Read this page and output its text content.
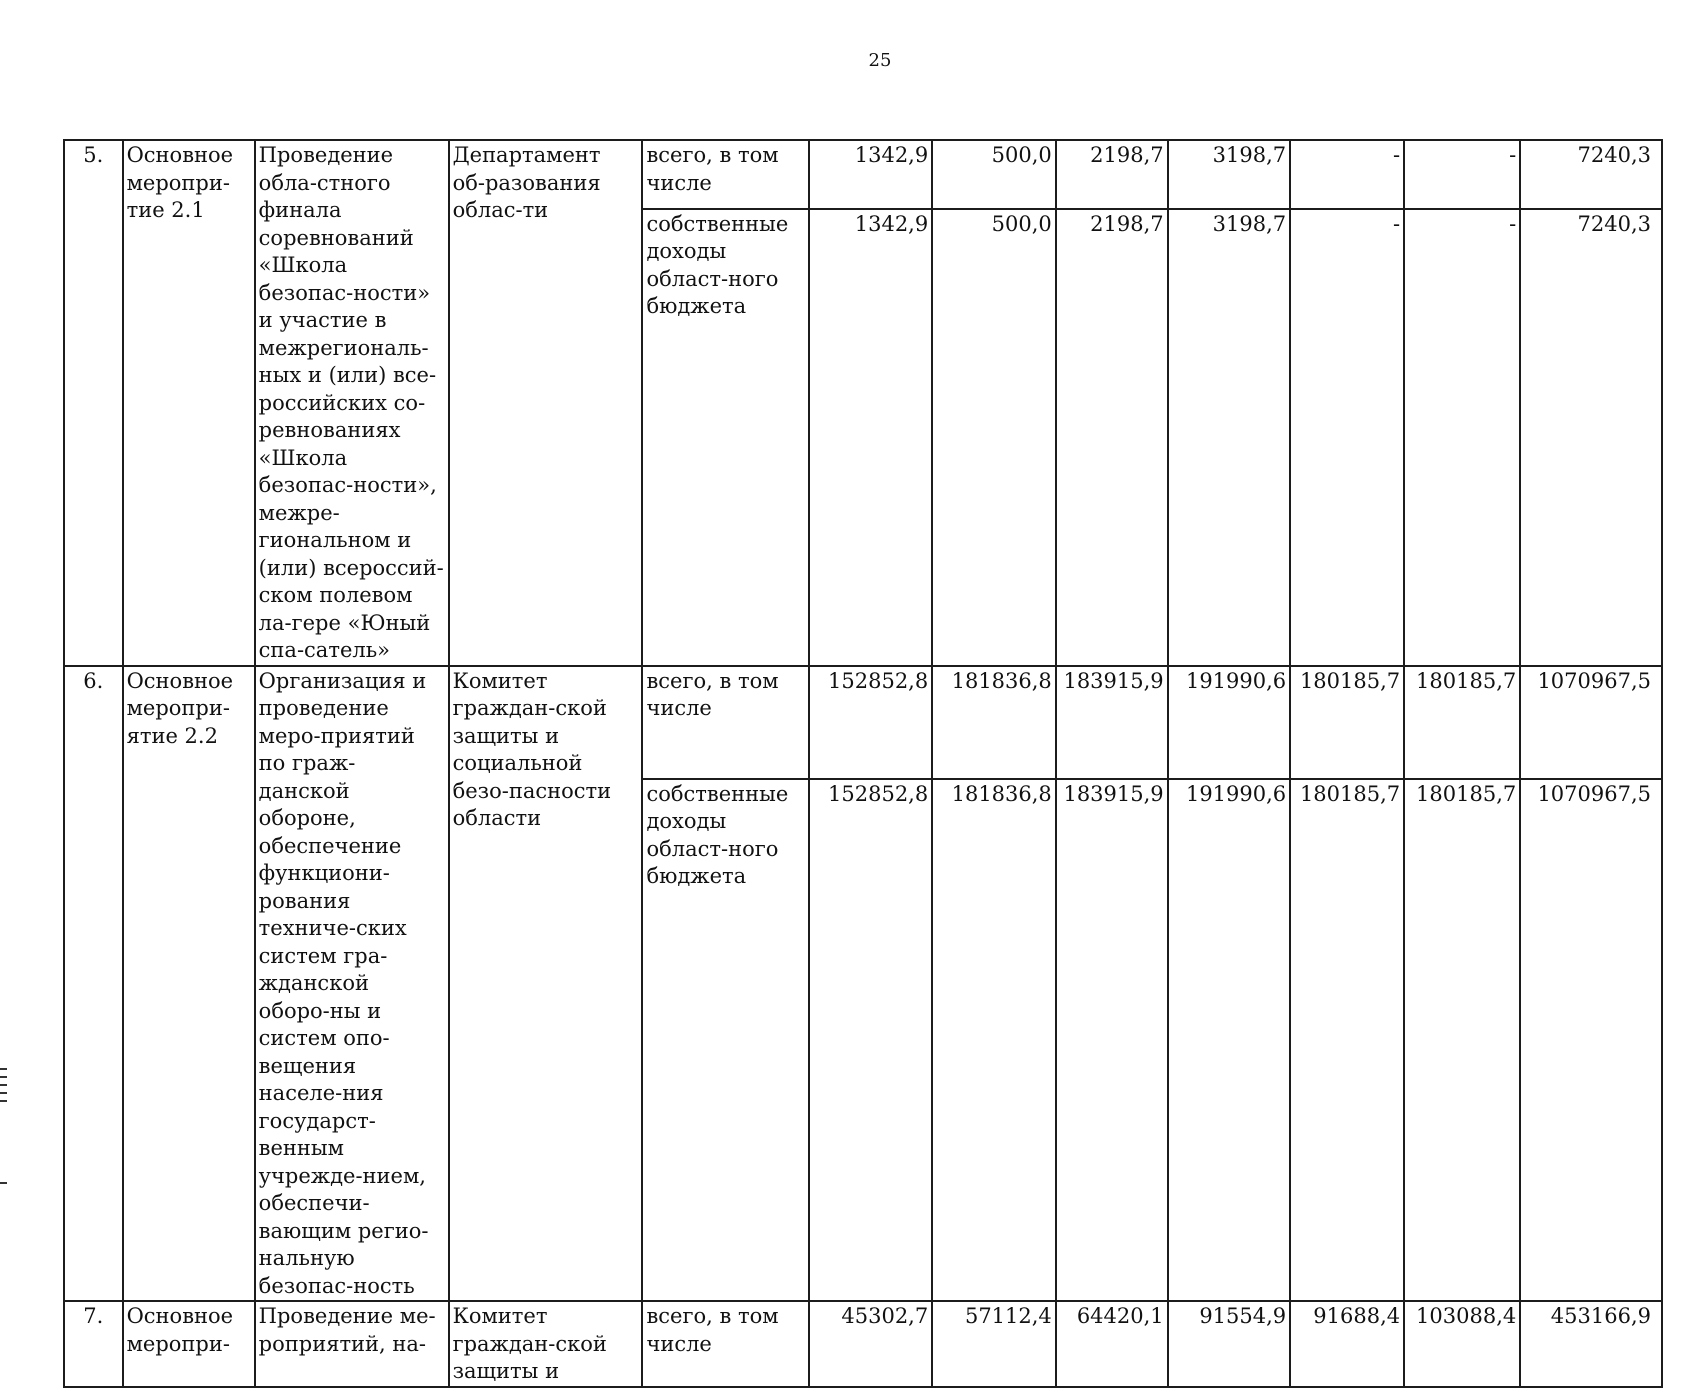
25
5.	Основное меропри-тие 2.1	Проведение обла-стного финала соревнований «Школа безопас-ности» и участие в межрегиональ-ных и (или) все-российских со-ревнованиях «Школа безопас-ности», межре-гиональном и (или) всероссий-ском полевом ла-гере «Юный спа-сатель»	Департамент об-разования облас-ти	всего, в том числе	1342,9	500,0	2198,7	3198,7	-	-	7240,3
				собственные доходы област-ного бюджета	1342,9	500,0	2198,7	3198,7	-	-	7240,3
6.	Основное меропри-ятие 2.2	Организация и проведение меро-приятий по граж-данской обороне, обеспечение функциони-рования техниче-ских систем гра-жданской оборо-ны и систем опо-вещения населе-ния государст-венным учрежде-нием, обеспечи-вающим регио-нальную безопас-ность	Комитет граждан-ской защиты и социальной безо-пасности области	всего, в том числе	152852,8	181836,8	183915,9	191990,6	180185,7	180185,7	1070967,5
				собственные доходы област-ного бюджета	152852,8	181836,8	183915,9	191990,6	180185,7	180185,7	1070967,5
7.	Основное меропри-	Проведение ме-роприятий, на-	Комитет граждан-ской защиты и	всего, в том числе	45302,7	57112,4	64420,1	91554,9	91688,4	103088,4	453166,9
